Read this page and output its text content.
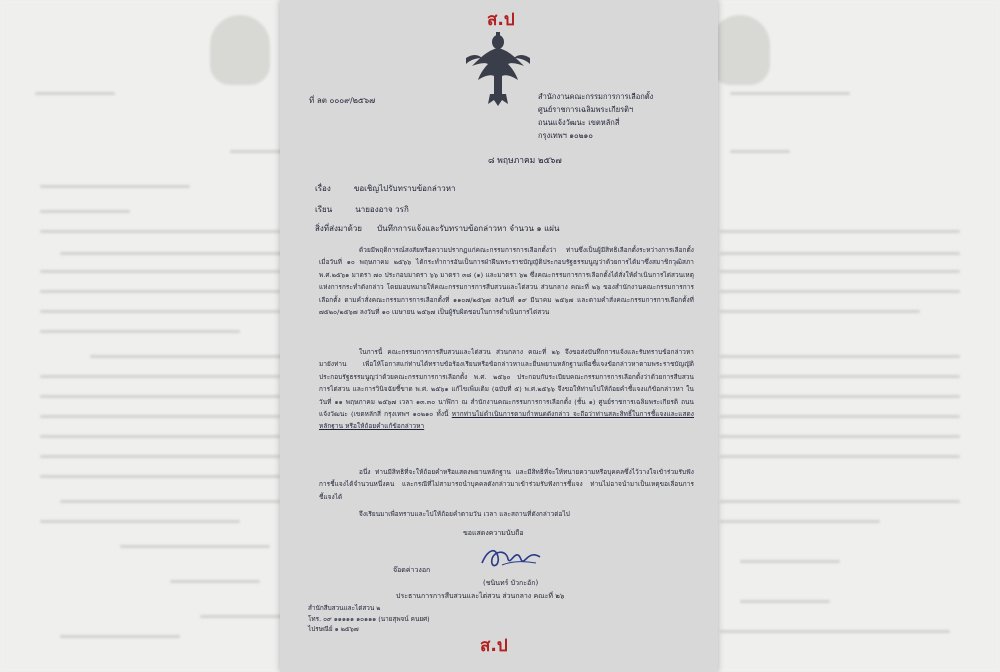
ส.ป
ที่ ลต ๐๐๐๙/๒๕๖๗	สำนักงานคณะกรรมการการเลือกตั้ง
ศูนย์ราชการเฉลิมพระเกียรติฯ
ถนนแจ้งวัฒนะ เขตหลักสี่
กรุงเทพฯ ๑๐๒๑๐
๘ พฤษภาคม ๒๕๖๗
เรื่อง	ขอเชิญไปรับทราบข้อกล่าวหา
เรียน	นายองอาจ วรกิ
สิ่งที่ส่งมาด้วย บันทึกการแจ้งและรับทราบข้อกล่าวหา จำนวน ๑ แผ่น
ด้วยมีพฤติการณ์สงสัยหรือความปรากฏแก่คณะกรรมการการเลือกตั้งว่า ท่านซึ่งเป็นผู้มีสิทธิเลือกตั้งระหว่างการเลือกตั้ง เมื่อวันที่ ๑๐ พฤษภาคม ๒๕๖๖ ได้กระทำการอันเป็นการฝ่าฝืนพระราชบัญญัติประกอบรัฐธรรมนูญว่าด้วยการได้มาซึ่งสมาชิกวุฒิสภา พ.ศ.๒๕๖๑ มาตรา ๗๐ ประกอบมาตรา ๖๖ มาตรา ๓๘ (๑) และมาตรา ๖๒ ซึ่งคณะกรรมการการเลือกตั้งได้สั่งให้ดำเนินการไต่สวนเหตุแห่งการกระทำดังกล่าว โดยมอบหมายให้คณะกรรมการการสืบสวนและไต่สวน ส่วนกลาง คณะที่ ๒๖ ของสำนักงานคณะกรรมการการเลือกตั้ง ตามคำสั่งคณะกรรมการการเลือกตั้งที่ ๑๑๐๗/๒๕๖๗ ลงวันที่ ๑๙ มีนาคม ๒๕๖๗ และตามคำสั่งคณะกรรมการการเลือกตั้งที่ ๗๕๒๐/๒๕๖๗ ลงวันที่ ๑๐ เมษายน ๒๕๖๗ เป็นผู้รับผิดชอบในการดำเนินการไต่สวน
ในการนี้ คณะกรรมการการสืบสวนและไต่สวน ส่วนกลาง คณะที่ ๒๖ จึงขอส่งบันทึกการแจ้งและรับทราบข้อกล่าวหามายังท่าน เพื่อให้โอกาสแก่ท่านได้ทราบข้อร้องเรียนหรือข้อกล่าวหาและยื่นพยานหลักฐานเพื่อชี้แจงข้อกล่าวหาตามพระราชบัญญัติประกอบรัฐธรรมนูญว่าด้วยคณะกรรมการการเลือกตั้ง พ.ศ. ๒๕๖๐ ประกอบกับระเบียบคณะกรรมการการเลือกตั้งว่าด้วยการสืบสวน การไต่สวน และการวินิจฉัยชี้ขาด พ.ศ. ๒๕๖๑ แก้ไขเพิ่มเติม (ฉบับที่ ๕) พ.ศ.๒๕๖๖ จึงขอให้ท่านไปให้ถ้อยคำชี้แจงแก้ข้อกล่าวหา ในวันที่ ๑๑ พฤษภาคม ๒๕๖๗ เวลา ๑๓.๓๐ นาฬิกา ณ สำนักงานคณะกรรมการการเลือกตั้ง (ชั้น ๑) ศูนย์ราชการเฉลิมพระเกียรติ ถนนแจ้งวัฒนะ (เขตหลักสี่ กรุงเทพฯ ๑๐๒๑๐ ทั้งนี้ หากท่านไม่ดำเนินการตามกำหนดดังกล่าว จะถือว่าท่านสละสิทธิ์ในการชี้แจงและแสดงหลักฐาน หรือให้ถ้อยคำแก้ข้อกล่าวหา
อนึ่ง ท่านมีสิทธิที่จะให้ถ้อยคำหรือแสดงพยานหลักฐาน และมีสิทธิที่จะให้ทนายความหรือบุคคลซึ่งไว้วางใจเข้าร่วมรับฟังการชี้แจงได้จำนวนหนึ่งคน และกรณีที่ไม่สามารถนำบุคคลดังกล่าวมาเข้าร่วมรับฟังการชี้แจง ท่านไม่อาจนำมาเป็นเหตุขอเลื่อนการชี้แจงได้
จึงเรียนมาเพื่อทราบและไปให้ถ้อยคำตามวัน เวลา และสถานที่ดังกล่าวต่อไป
ขอแสดงความนับถือ
จ๊อดค่าวงอก
(ชนินทร์ บัวกะอัก)
ประธานการการสืบสวนและไต่สวน ส่วนกลาง คณะที่ ๒๖
สำนักสืบสวนและไต่สวน ๒
โทร. ๐๙ ๑๑๑๑๑ ๑๐๑๑๑ (นายสุพจน์ คนยศ)
ไปรษณีย์ ๑ ๒๕๖๗
ส.ป
